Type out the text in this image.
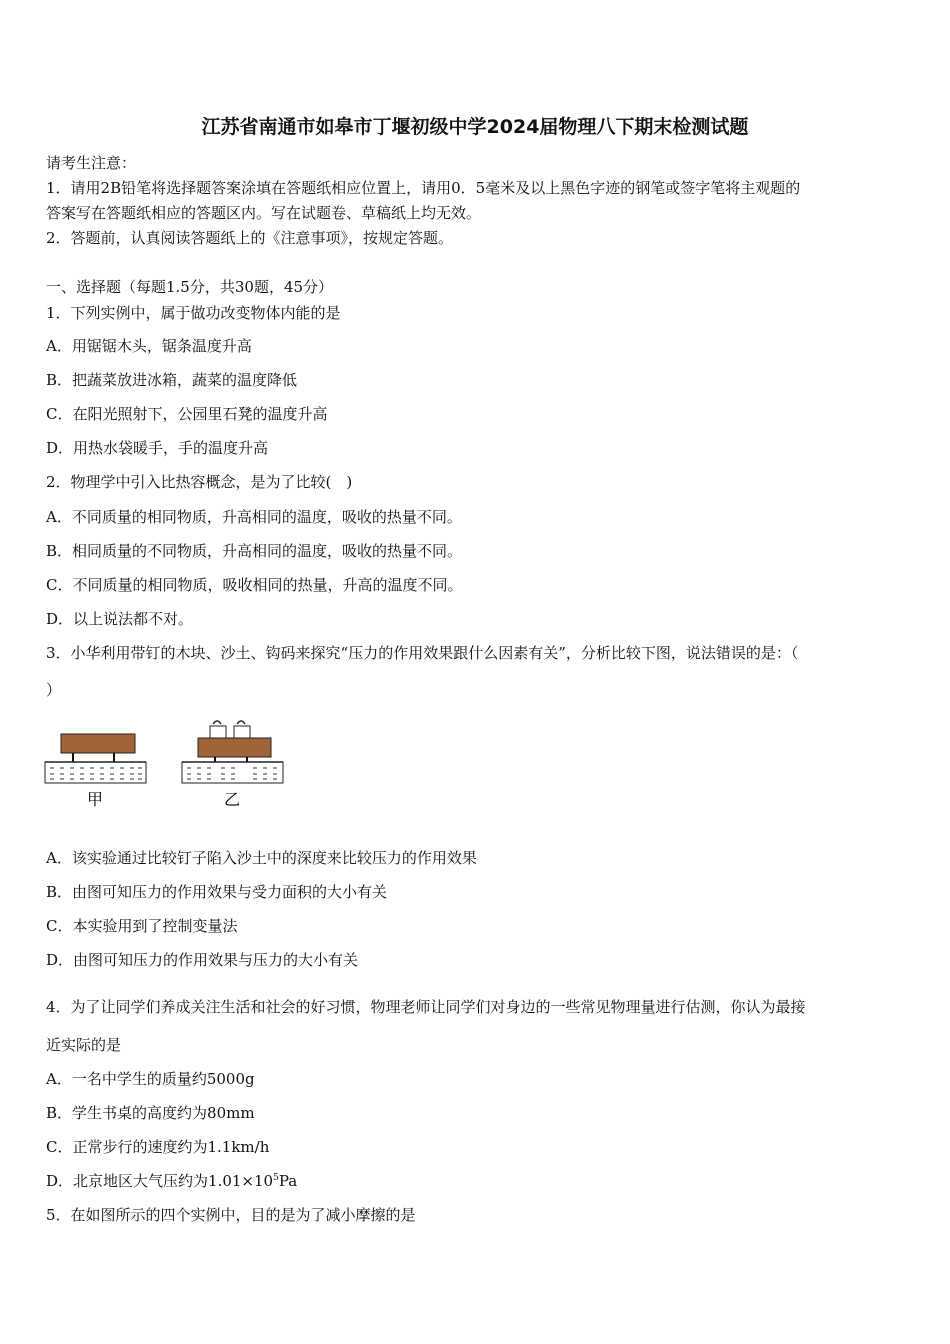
江苏省南通市如皋市丁堰初级中学2024届物理八下期末检测试题
请考生注意：
1．请用2B铅笔将选择题答案涂填在答题纸相应位置上，请用0．5毫米及以上黑色字迹的钢笔或签字笔将主观题的
答案写在答题纸相应的答题区内。写在试题卷、草稿纸上均无效。
2．答题前，认真阅读答题纸上的《注意事项》，按规定答题。
一、选择题（每题1.5分，共30题，45分）
1．下列实例中，属于做功改变物体内能的是
A．用锯锯木头，锯条温度升高
B．把蔬菜放进冰箱，蔬菜的温度降低
C．在阳光照射下，公园里石凳的温度升高
D．用热水袋暖手，手的温度升高
2．物理学中引入比热容概念，是为了比较(　)
A．不同质量的相同物质，升高相同的温度，吸收的热量不同。
B．相同质量的不同物质，升高相同的温度，吸收的热量不同。
C．不同质量的相同物质，吸收相同的热量，升高的温度不同。
D．以上说法都不对。
3．小华利用带钉的木块、沙土、钩码来探究“压力的作用效果跟什么因素有关”，分析比较下图，说法错误的是：（
）
甲	乙
A．该实验通过比较钉子陷入沙土中的深度来比较压力的作用效果
B．由图可知压力的作用效果与受力面积的大小有关
C．本实验用到了控制变量法
D．由图可知压力的作用效果与压力的大小有关
4．为了让同学们养成关注生活和社会的好习惯，物理老师让同学们对身边的一些常见物理量进行估测，你认为最接
近实际的是
A．一名中学生的质量约5000g
B．学生书桌的高度约为80mm
C．正常步行的速度约为1.1km/h
D．北京地区大气压约为$1.01\times 10^5Pa$
5．在如图所示的四个实例中，目的是为了减小摩擦的是
